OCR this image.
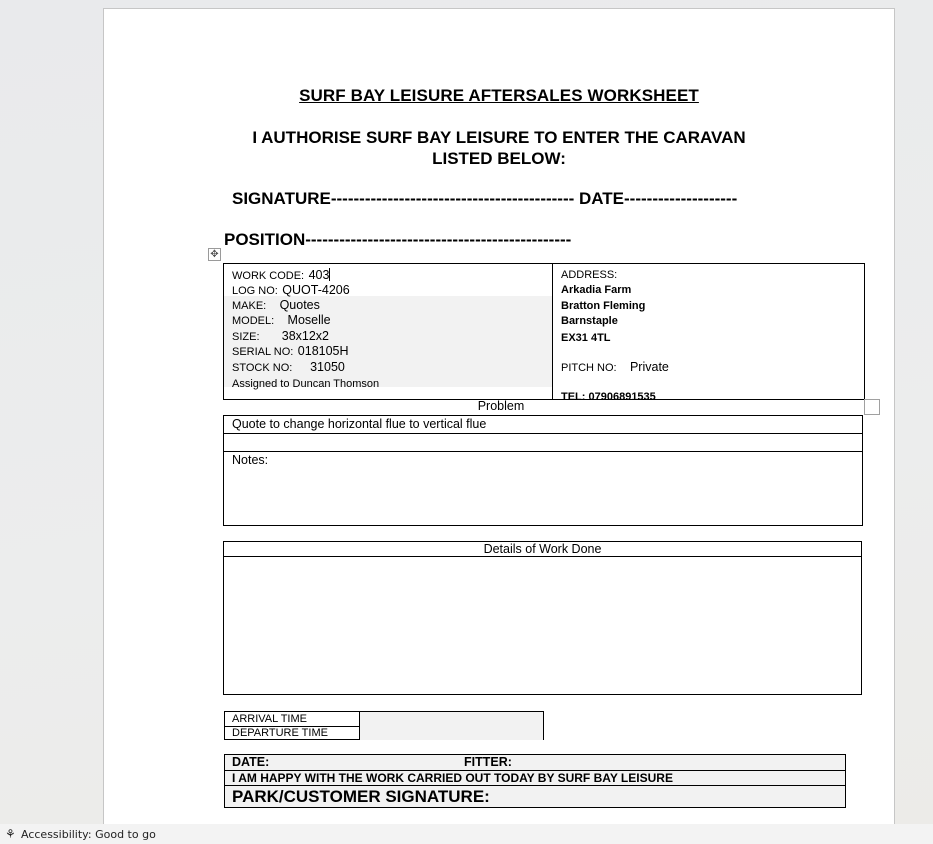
SURF BAY LEISURE AFTERSALES WORKSHEET
I AUTHORISE SURF BAY LEISURE TO ENTER THE CARAVAN
LISTED BELOW:
SIGNATURE------------------------------------------- DATE--------------------
POSITION-----------------------------------------------
✥
WORK CODE: 403
LOG NO: QUOT-4206
MAKE: Quotes
MODEL: Moselle
SIZE: 38x12x2
SERIAL NO: 018105H
STOCK NO: 31050
Assigned to Duncan Thomson
ADDRESS:
Arkadia Farm
Bratton Fleming
Barnstaple
EX31 4TL
PITCH NO: Private
TEL: 07906891535
Problem
Quote to change horizontal flue to vertical flue
Notes:
Details of Work Done
ARRIVAL TIME
DEPARTURE TIME
DATE:	FITTER:
I AM HAPPY WITH THE WORK CARRIED OUT TODAY BY SURF BAY LEISURE
PARK/CUSTOMER SIGNATURE:
⚘ Accessibility: Good to go
